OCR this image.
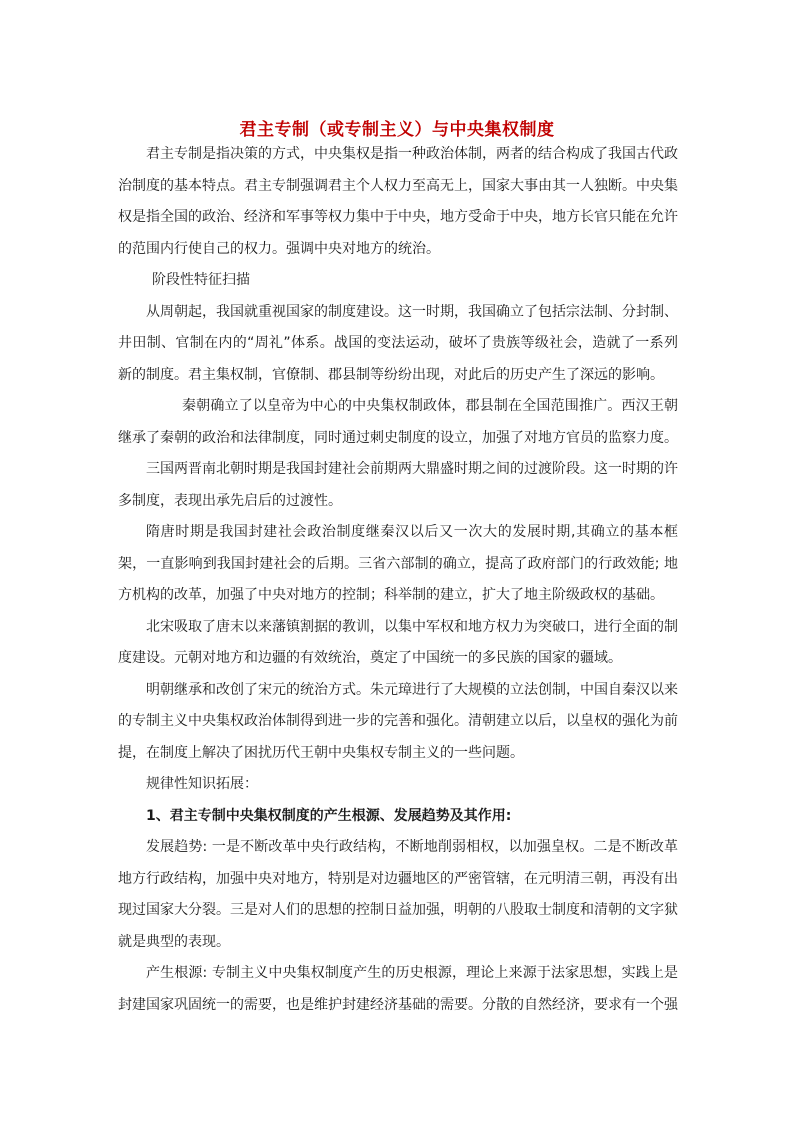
君主专制（或专制主义）与中央集权制度

君主专制是指决策的方式，中央集权是指一种政治体制，两者的结合构成了我国古代政治制度的基本特点。君主专制强调君主个人权力至高无上，国家大事由其一人独断。中央集权是指全国的政治、经济和军事等权力集中于中央，地方受命于中央，地方长官只能在允许的范围内行使自己的权力。强调中央对地方的统治。

阶段性特征扫描

从周朝起，我国就重视国家的制度建设。这一时期，我国确立了包括宗法制、分封制、井田制、官制在内的“周礼”体系。战国的变法运动，破坏了贵族等级社会，造就了一系列新的制度。君主集权制，官僚制、郡县制等纷纷出现，对此后的历史产生了深远的影响。

秦朝确立了以皇帝为中心的中央集权制政体，郡县制在全国范围推广。西汉王朝继承了秦朝的政治和法律制度，同时通过刺史制度的设立，加强了对地方官员的监察力度。

三国两晋南北朝时期是我国封建社会前期两大鼎盛时期之间的过渡阶段。这一时期的许多制度，表现出承先启后的过渡性。

隋唐时期是我国封建社会政治制度继秦汉以后又一次大的发展时期,其确立的基本框架，一直影响到我国封建社会的后期。三省六部制的确立，提高了政府部门的行政效能; 地方机构的改革，加强了中央对地方的控制；科举制的建立，扩大了地主阶级政权的基础。

北宋吸取了唐末以来藩镇割据的教训，以集中军权和地方权力为突破口，进行全面的制度建设。元朝对地方和边疆的有效统治，奠定了中国统一的多民族的国家的疆域。

明朝继承和改创了宋元的统治方式。朱元璋进行了大规模的立法创制，中国自秦汉以来的专制主义中央集权政治体制得到进一步的完善和强化。清朝建立以后，以皇权的强化为前提，在制度上解决了困扰历代王朝中央集权专制主义的一些问题。

规律性知识拓展：

1、君主专制中央集权制度的产生根源、发展趋势及其作用:

发展趋势: 一是不断改革中央行政结构，不断地削弱相权，以加强皇权。二是不断改革地方行政结构，加强中央对地方，特别是对边疆地区的严密管辖，在元明清三朝，再没有出现过国家大分裂。三是对人们的思想的控制日益加强，明朝的八股取士制度和清朝的文字狱就是典型的表现。

产生根源: 专制主义中央集权制度产生的历史根源，理论上来源于法家思想，实践上是封建国家巩固统一的需要，也是维护封建经济基础的需要。分散的自然经济，要求有一个强
